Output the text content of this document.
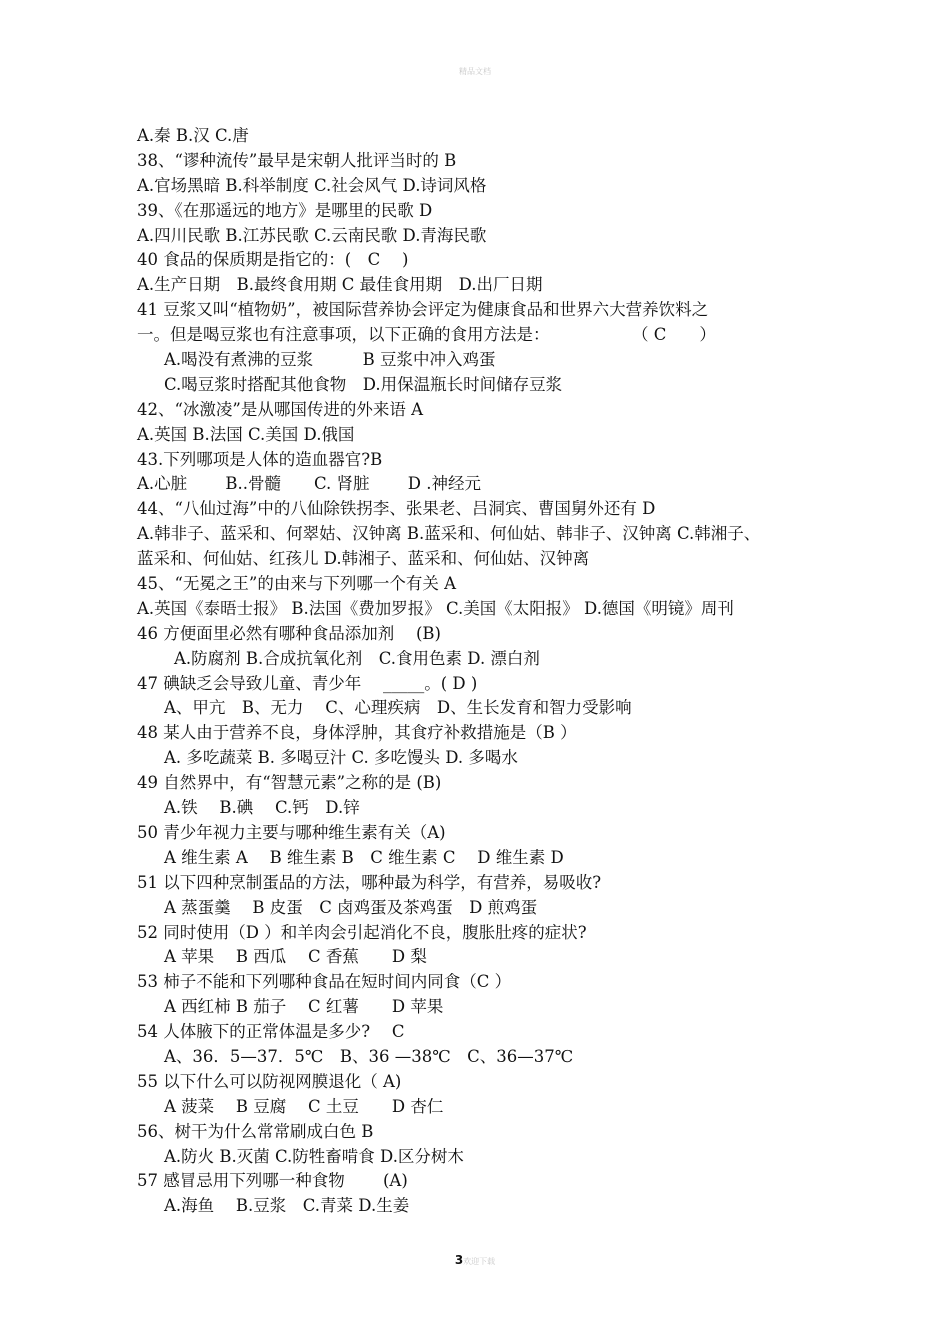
精品文档
A.秦 B.汉 C.唐
38、“谬种流传”最早是宋朝人批评当时的 B
A.官场黑暗 B.科举制度 C.社会风气 D.诗词风格
39、《在那遥远的地方》是哪里的民歌 D
A.四川民歌 B.江苏民歌 C.云南民歌 D.青海民歌
40 食品的保质期是指它的：(　C　 )
A.生产日期　B.最终食用期 C 最佳食用期　D.出厂日期
41 豆浆又叫“植物奶”，被国际营养协会评定为健康食品和世界六大营养饮料之
一。但是喝豆浆也有注意事项，以下正确的食用方法是：　　　　　　（ C　　）
A.喝没有煮沸的豆浆　　　B 豆浆中冲入鸡蛋
C.喝豆浆时搭配其他食物　D.用保温瓶长时间储存豆浆
42、“冰激凌”是从哪国传进的外来语 A
A.英国 B.法国 C.美国 D.俄国
43.下列哪项是人体的造血器官?B
A.心脏　　 B..骨髓　　C. 肾脏　　 D .神经元
44、“八仙过海”中的八仙除铁拐李、张果老、吕洞宾、曹国舅外还有 D
A.韩非子、蓝采和、何翠姑、汉钟离 B.蓝采和、何仙姑、韩非子、汉钟离 C.韩湘子、
蓝采和、何仙姑、红孩儿 D.韩湘子、蓝采和、何仙姑、汉钟离
45、“无冕之王”的由来与下列哪一个有关 A
A.英国《泰晤士报》 B.法国《费加罗报》 C.美国《太阳报》 D.德国《明镜》周刊
46 方便面里必然有哪种食品添加剂　 (B)
A.防腐剂 B.合成抗氧化剂　C.食用色素 D. 漂白剂
47 碘缺乏会导致儿童、青少年　 _____。( D )
A、甲亢　B、无力　 C、心理疾病　D、生长发育和智力受影响
48 某人由于营养不良，身体浮肿，其食疗补救措施是（B ）
A. 多吃蔬菜 B. 多喝豆汁 C. 多吃馒头 D. 多喝水
49 自然界中，有“智慧元素”之称的是 (B)
A.铁　 B.碘　 C.钙　D.锌
50 青少年视力主要与哪种维生素有关（A)
A 维生素 A　 B 维生素 B　C 维生素 C　 D 维生素 D
51 以下四种烹制蛋品的方法，哪种最为科学，有营养，易吸收?
A 蒸蛋羹　 B 皮蛋　C 卤鸡蛋及茶鸡蛋　D 煎鸡蛋
52 同时使用（D ）和羊肉会引起消化不良，腹胀肚疼的症状?
A 苹果　 B 西瓜　 C 香蕉　　D 梨
53 柿子不能和下列哪种食品在短时间内同食（C ）
A 西红柿 B 茄子　 C 红薯　　D 苹果
54 人体腋下的正常体温是多少?　 C
A、36．5—37．5℃　B、36 —38℃　C、36—37℃
55 以下什么可以防视网膜退化（ A)
A 菠菜　 B 豆腐　 C 土豆　　D 杏仁
56、树干为什么常常刷成白色 B
A.防火 B.灭菌 C.防牲畜啃食 D.区分树木
57 感冒忌用下列哪一种食物　　 (A)
A.海鱼　 B.豆浆　C.青菜 D.生姜
3欢迎下载
